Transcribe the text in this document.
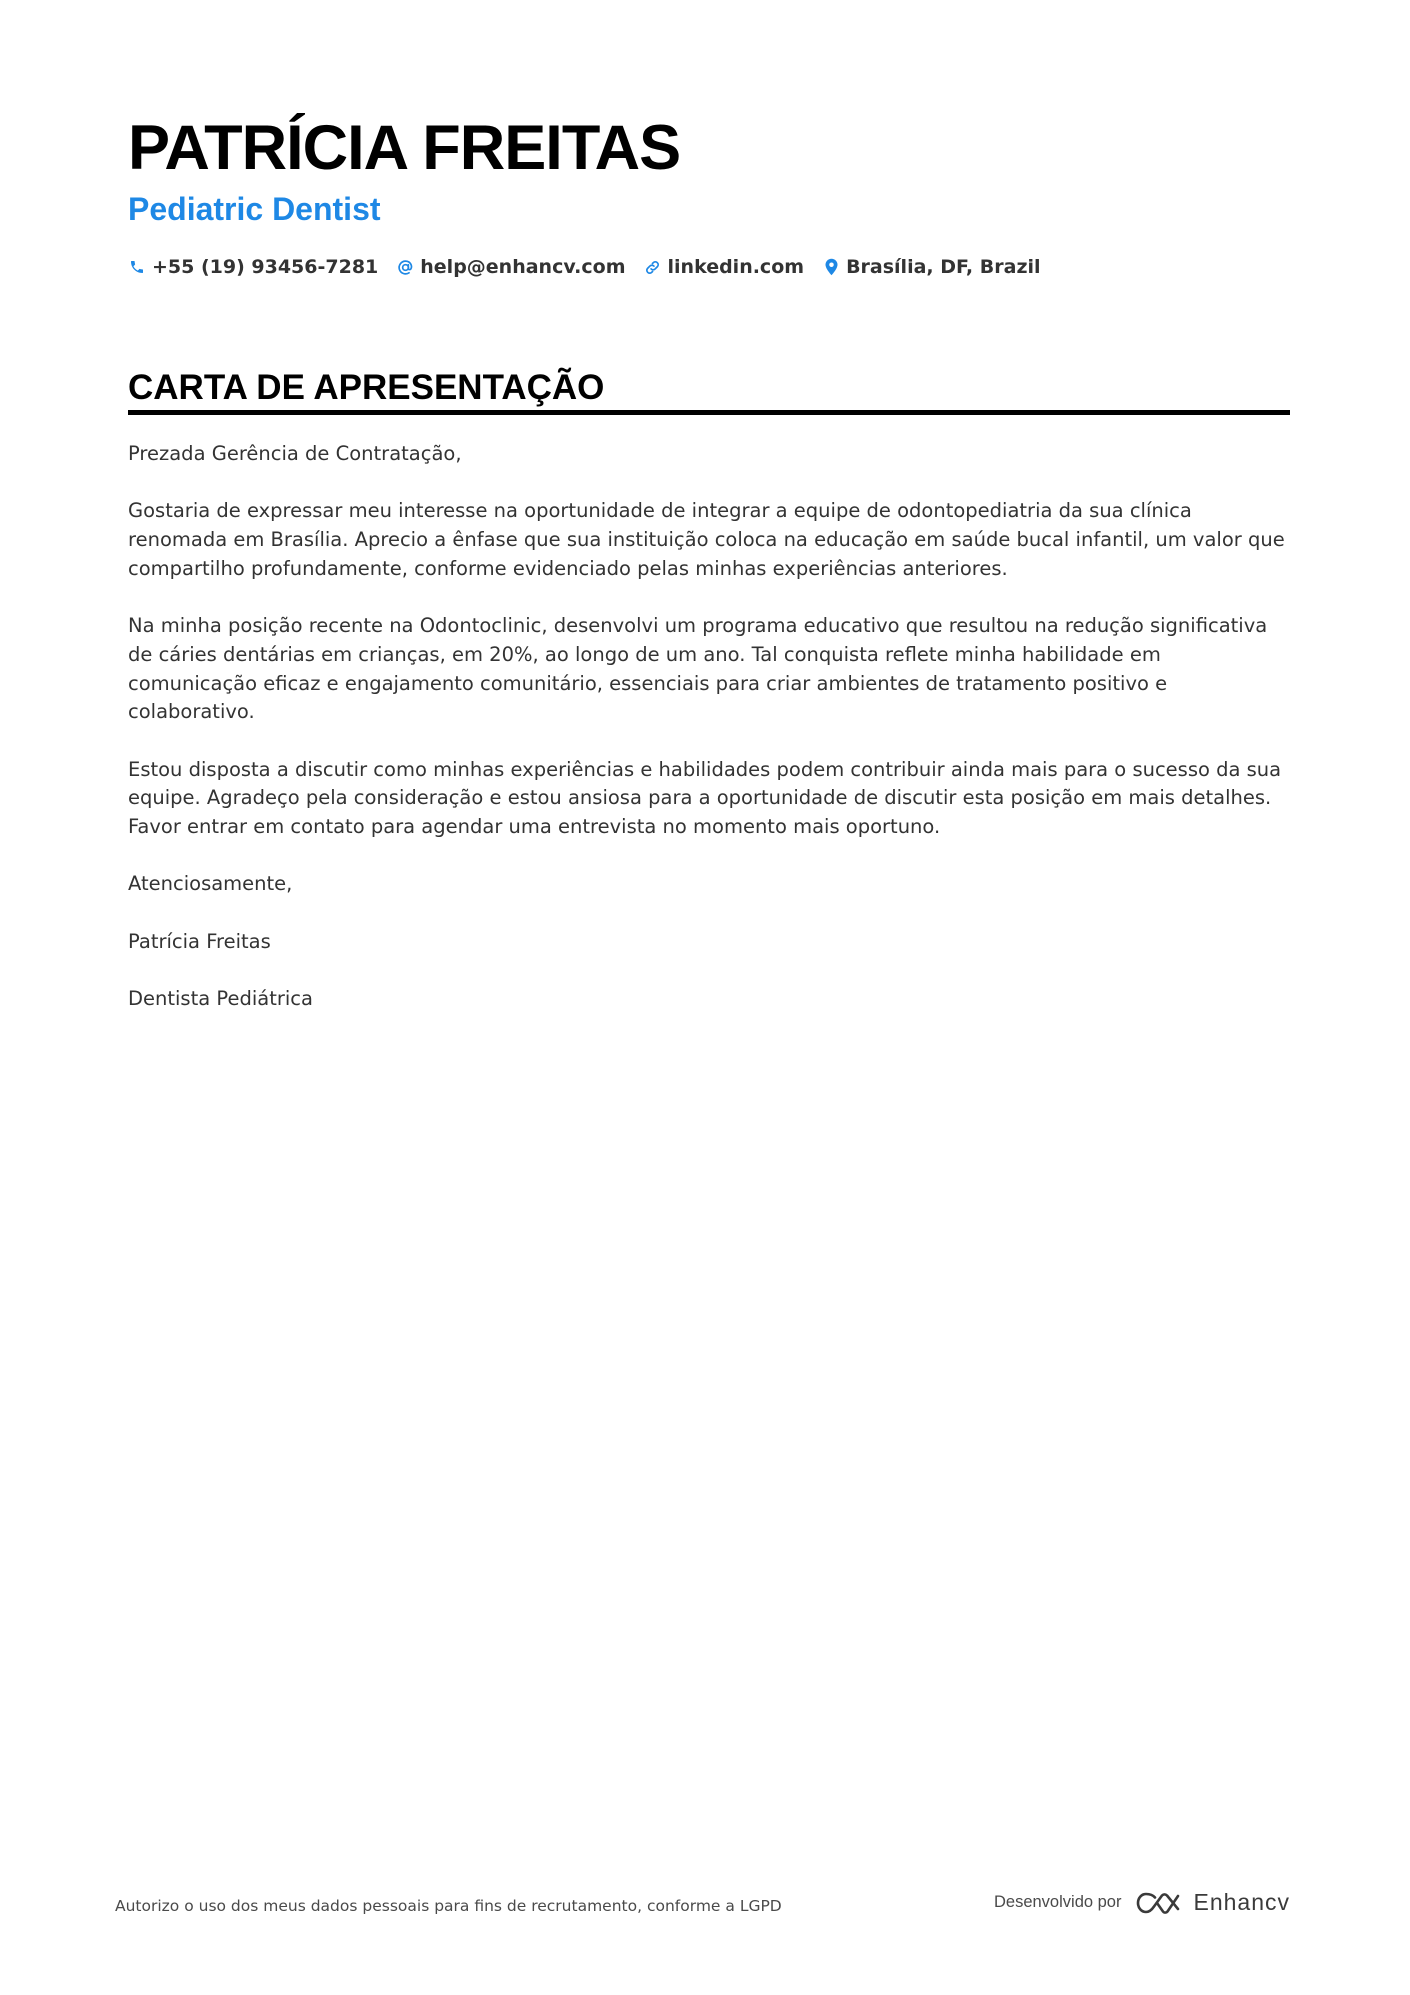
PATRÍCIA FREITAS
Pediatric Dentist
+55 (19) 93456-7281 help@enhancv.com linkedin.com Brasília, DF, Brazil
CARTA DE APRESENTAÇÃO

Prezada Gerência de Contratação,

Gostaria de expressar meu interesse na oportunidade de integrar a equipe de odontopediatria da sua clínica renomada em Brasília. Aprecio a ênfase que sua instituição coloca na educação em saúde bucal infantil, um valor que compartilho profundamente, conforme evidenciado pelas minhas experiências anteriores.

Na minha posição recente na Odontoclinic, desenvolvi um programa educativo que resultou na redução significativa de cáries dentárias em crianças, em 20%, ao longo de um ano. Tal conquista reflete minha habilidade em comunicação eficaz e engajamento comunitário, essenciais para criar ambientes de tratamento positivo e colaborativo.

Estou disposta a discutir como minhas experiências e habilidades podem contribuir ainda mais para o sucesso da sua equipe. Agradeço pela consideração e estou ansiosa para a oportunidade de discutir esta posição em mais detalhes. Favor entrar em contato para agendar uma entrevista no momento mais oportuno.

Atenciosamente,

Patrícia Freitas

Dentista Pediátrica

Autorizo o uso dos meus dados pessoais para fins de recrutamento, conforme a LGPD	Desenvolvido por	Enhancv
